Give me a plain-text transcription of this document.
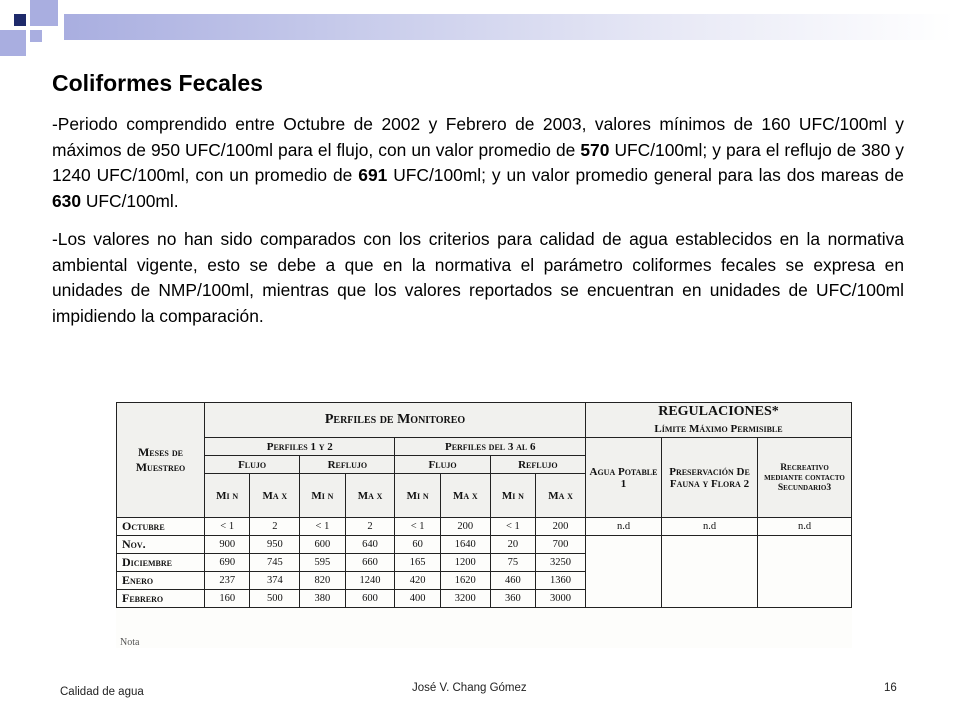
Coliformes Fecales

-Periodo comprendido entre Octubre de 2002 y Febrero de 2003, valores mínimos de 160 UFC/100ml y máximos de 950 UFC/100ml para el flujo, con un valor promedio de 570 UFC/100ml; y para el reflujo de 380 y 1240 UFC/100ml, con un promedio de 691 UFC/100ml; y un valor promedio general para las dos mareas de 630 UFC/100ml.

-Los valores no han sido comparados con los criterios para calidad de agua establecidos en la normativa ambiental vigente, esto se debe a que en la normativa el parámetro coliformes fecales se expresa en unidades de NMP/100ml, mientras que los valores reportados se encuentran en unidades de UFC/100ml impidiendo la comparación.

Meses de Muestreo	Perfiles de Monitoreo								REGULACIONES*		
									Límite Máximo Permisible		
	Perfiles 1 y 2				Perfiles del 3 al 6				Agua Potable 1	Preservación De Fauna y Flora 2	Recreativo mediante contacto Secundario3
	Flujo		Reflujo		Flujo		Reflujo				
	Mi n	Ma x	Mi n	Ma x	Mi n	Ma x	Mi n	Ma x			
Octubre	< 1	2	< 1	2	< 1	200	< 1	200	n.d	n.d	n.d
Nov.	900	950	600	640	60	1640	20	700			
Diciembre	690	745	595	660	165	1200	75	3250			
Enero	237	374	820	1240	420	1620	460	1360			
Febrero	160	500	380	600	400	3200	360	3000			
Nota
Calidad de agua	José V. Chang Gómez	16
